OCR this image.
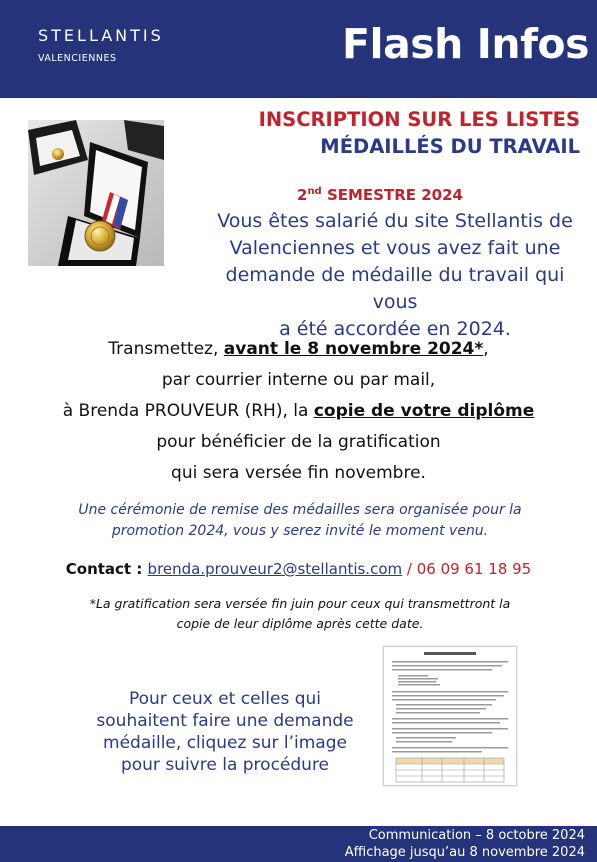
STELLANTIS
VALENCIENNES	Flash Infos
INSCRIPTION SUR LES LISTES
MÉDAILLÉS DU TRAVAIL
2nd SEMESTRE 2024
Vous êtes salarié du site Stellantis de
Valenciennes et vous avez fait une
demande de médaille du travail qui vous
a été accordée en 2024.
Transmettez, avant le 8 novembre 2024*,
par courrier interne ou par mail,
à Brenda PROUVEUR (RH), la copie de votre diplôme
pour bénéficier de la gratification
qui sera versée fin novembre.
Une cérémonie de remise des médailles sera organisée pour la
promotion 2024, vous y serez invité le moment venu.
Contact : brenda.prouveur2@stellantis.com / 06 09 61 18 95
*La gratification sera versée fin juin pour ceux qui transmettront la
copie de leur diplôme après cette date.
Pour ceux et celles qui
souhaitent faire une demande
médaille, cliquez sur l’image
pour suivre la procédure
Communication – 8 octobre 2024
Affichage jusqu’au 8 novembre 2024
